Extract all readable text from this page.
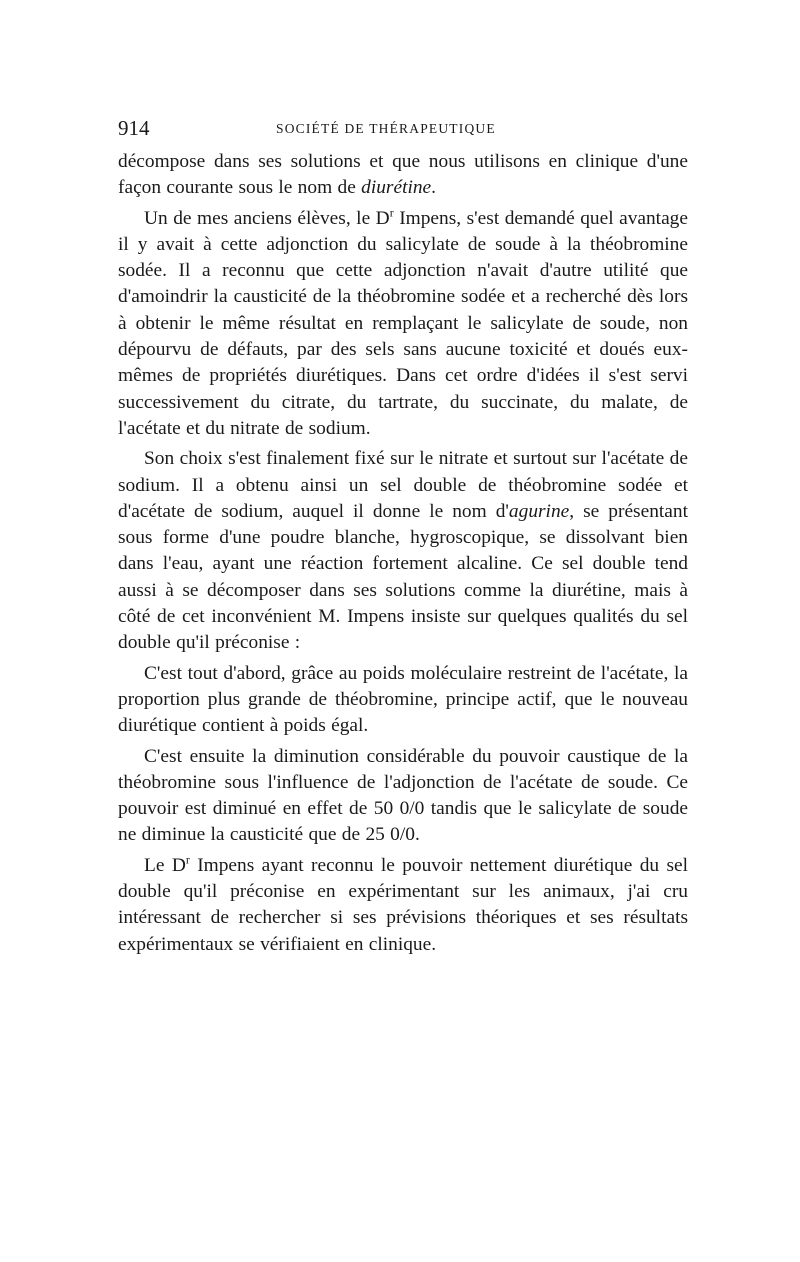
914	SOCIÉTÉ DE THÉRAPEUTIQUE

décompose dans ses solutions et que nous utilisons en clinique d'une façon courante sous le nom de diurétine.

Un de mes anciens élèves, le $D^r$ Impens, s'est demandé quel avantage il y avait à cette adjonction du salicylate de soude à la théobromine sodée. Il a reconnu que cette adjonction n'avait d'autre utilité que d'amoindrir la causticité de la théobromine sodée et a recherché dès lors à obtenir le même résultat en remplaçant le salicylate de soude, non dépourvu de défauts, par des sels sans aucune toxicité et doués eux-mêmes de propriétés diurétiques. Dans cet ordre d'idées il s'est servi successivement du citrate, du tartrate, du succinate, du malate, de l'acétate et du nitrate de sodium.

Son choix s'est finalement fixé sur le nitrate et surtout sur l'acétate de sodium. Il a obtenu ainsi un sel double de théobromine sodée et d'acétate de sodium, auquel il donne le nom d'agurine, se présentant sous forme d'une poudre blanche, hygroscopique, se dissolvant bien dans l'eau, ayant une réaction fortement alcaline. Ce sel double tend aussi à se décomposer dans ses solutions comme la diurétine, mais à côté de cet inconvénient M. Impens insiste sur quelques qualités du sel double qu'il préconise :

C'est tout d'abord, grâce au poids moléculaire restreint de l'acétate, la proportion plus grande de théobromine, principe actif, que le nouveau diurétique contient à poids égal.

C'est ensuite la diminution considérable du pouvoir caustique de la théobromine sous l'influence de l'adjonction de l'acétate de soude. Ce pouvoir est diminué en effet de 50 0/0 tandis que le salicylate de soude ne diminue la causticité que de 25 0/0.

Le $D^r$ Impens ayant reconnu le pouvoir nettement diurétique du sel double qu'il préconise en expérimentant sur les animaux, j'ai cru intéressant de rechercher si ses prévisions théoriques et ses résultats expérimentaux se vérifiaient en clinique.
